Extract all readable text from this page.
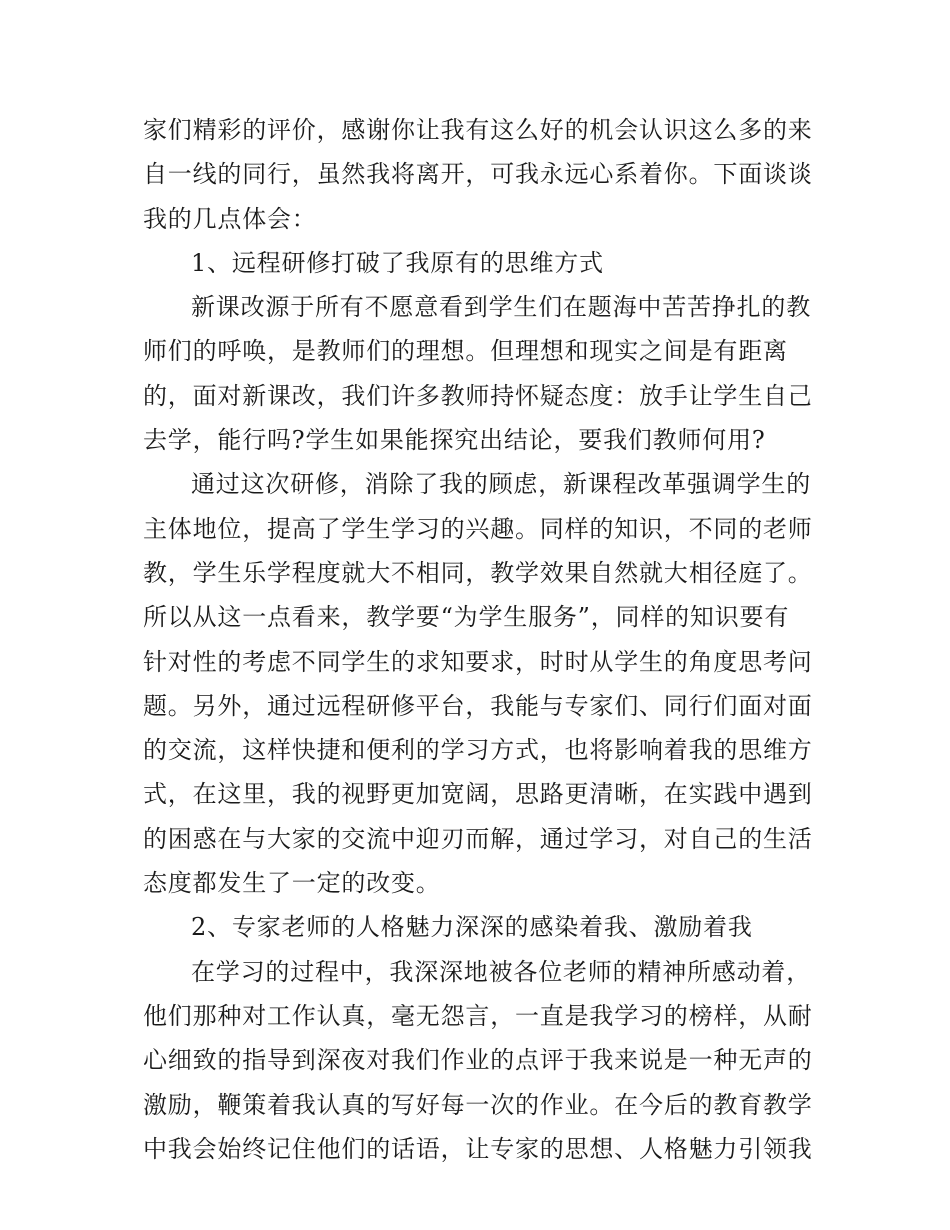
家们精彩的评价，感谢你让我有这么好的机会认识这么多的来
自一线的同行，虽然我将离开，可我永远心系着你。下面谈谈
我的几点体会：
1、远程研修打破了我原有的思维方式
新课改源于所有不愿意看到学生们在题海中苦苦挣扎的教
师们的呼唤，是教师们的理想。但理想和现实之间是有距离
的，面对新课改，我们许多教师持怀疑态度：放手让学生自己
去学，能行吗?学生如果能探究出结论，要我们教师何用?
通过这次研修，消除了我的顾虑，新课程改革强调学生的
主体地位，提高了学生学习的兴趣。同样的知识，不同的老师
教，学生乐学程度就大不相同，教学效果自然就大相径庭了。
所以从这一点看来，教学要“为学生服务”，同样的知识要有
针对性的考虑不同学生的求知要求，时时从学生的角度思考问
题。另外，通过远程研修平台，我能与专家们、同行们面对面
的交流，这样快捷和便利的学习方式，也将影响着我的思维方
式，在这里，我的视野更加宽阔，思路更清晰，在实践中遇到
的困惑在与大家的交流中迎刃而解，通过学习，对自己的生活
态度都发生了一定的改变。
2、专家老师的人格魅力深深的感染着我、激励着我
在学习的过程中，我深深地被各位老师的精神所感动着，
他们那种对工作认真，毫无怨言，一直是我学习的榜样，从耐
心细致的指导到深夜对我们作业的点评于我来说是一种无声的
激励，鞭策着我认真的写好每一次的作业。在今后的教育教学
中我会始终记住他们的话语，让专家的思想、人格魅力引领我
